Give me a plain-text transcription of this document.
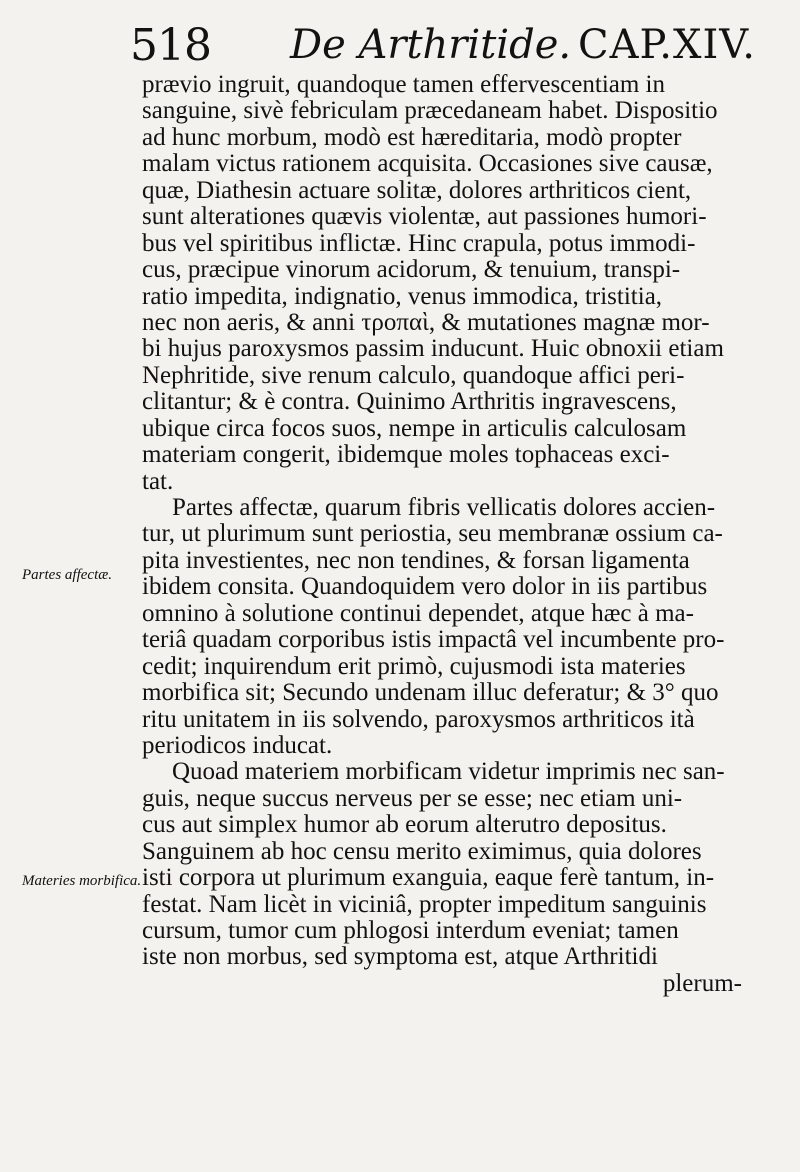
518 De Arthritide. CAP.XIV.
Partes affectæ.
Materies morbifica.
prævio ingruit, quandoque tamen effervescentiam in
sanguine, sivè febriculam præcedaneam habet. Dispositio
ad hunc morbum, modò est hæreditaria, modò propter
malam victus rationem acquisita. Occasiones sive causæ,
quæ, Diathesin actuare solitæ, dolores arthriticos cient,
sunt alterationes quævis violentæ, aut passiones humori-
bus vel spiritibus inflictæ. Hinc crapula, potus immodi-
cus, præcipue vinorum acidorum, & tenuium, transpi-
ratio impedita, indignatio, venus immodica, tristitia,
nec non aeris, & anni τροπαὶ, & mutationes magnæ mor-
bi hujus paroxysmos passim inducunt. Huic obnoxii etiam
Nephritide, sive renum calculo, quandoque affici peri-
clitantur; & è contra. Quinimo Arthritis ingravescens,
ubique circa focos suos, nempe in articulis calculosam
materiam congerit, ibidemque moles tophaceas exci-
tat.
Partes affectæ, quarum fibris vellicatis dolores accien-
tur, ut plurimum sunt periostia, seu membranæ ossium ca-
pita investientes, nec non tendines, & forsan ligamenta
ibidem consita. Quandoquidem vero dolor in iis partibus
omnino à solutione continui dependet, atque hæc à ma-
teriâ quadam corporibus istis impactâ vel incumbente pro-
cedit; inquirendum erit primò, cujusmodi ista materies
morbifica sit; Secundo undenam illuc deferatur; & 3° quo
ritu unitatem in iis solvendo, paroxysmos arthriticos ità
periodicos inducat.
Quoad materiem morbificam videtur imprimis nec san-
guis, neque succus nerveus per se esse; nec etiam uni-
cus aut simplex humor ab eorum alterutro depositus.
Sanguinem ab hoc censu merito eximimus, quia dolores
isti corpora ut plurimum exanguia, eaque ferè tantum, in-
festat. Nam licèt in viciniâ, propter impeditum sanguinis
cursum, tumor cum phlogosi interdum eveniat; tamen
iste non morbus, sed symptoma est, atque Arthritidi
plerum-
